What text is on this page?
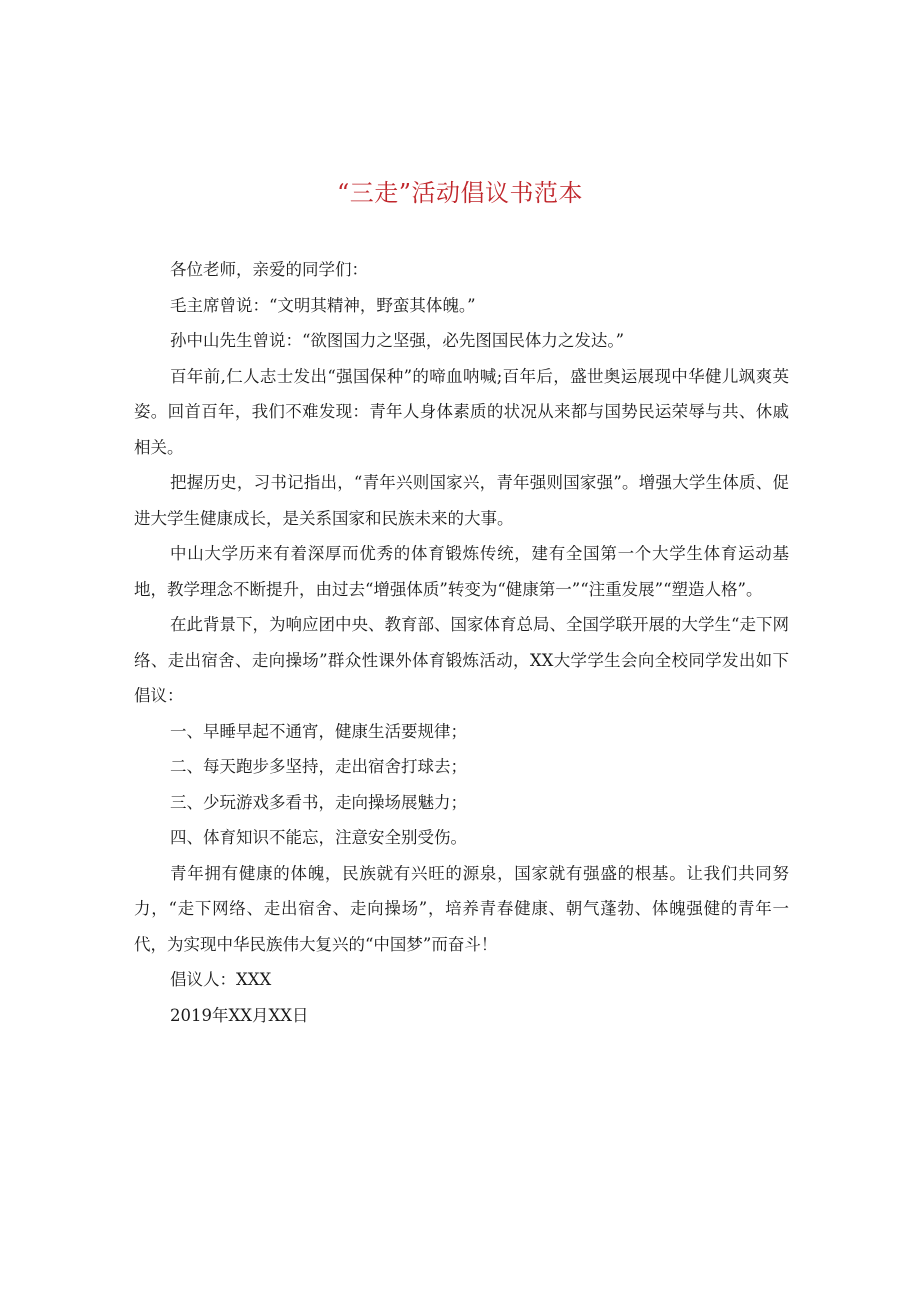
“三走”活动倡议书范本

各位老师，亲爱的同学们：

毛主席曾说：“文明其精神，野蛮其体魄。”

孙中山先生曾说：“欲图国力之坚强，必先图国民体力之发达。”

百年前,仁人志士发出“强国保种”的啼血呐喊;百年后，盛世奥运展现中华健儿飒爽英姿。回首百年，我们不难发现：青年人身体素质的状况从来都与国势民运荣辱与共、休戚相关。

把握历史，习书记指出，“青年兴则国家兴，青年强则国家强”。增强大学生体质、促进大学生健康成长，是关系国家和民族未来的大事。

中山大学历来有着深厚而优秀的体育锻炼传统，建有全国第一个大学生体育运动基地，教学理念不断提升，由过去“增强体质”转变为“健康第一”“注重发展”“塑造人格”。

在此背景下，为响应团中央、教育部、国家体育总局、全国学联开展的大学生“走下网络、走出宿舍、走向操场”群众性课外体育锻炼活动，XX大学学生会向全校同学发出如下倡议：

一、早睡早起不通宵，健康生活要规律；

二、每天跑步多坚持，走出宿舍打球去；

三、少玩游戏多看书，走向操场展魅力；

四、体育知识不能忘，注意安全别受伤。

青年拥有健康的体魄，民族就有兴旺的源泉，国家就有强盛的根基。让我们共同努力，“走下网络、走出宿舍、走向操场”，培养青春健康、朝气蓬勃、体魄强健的青年一代，为实现中华民族伟大复兴的“中国梦”而奋斗！

倡议人：XXX

2019年XX月XX日
